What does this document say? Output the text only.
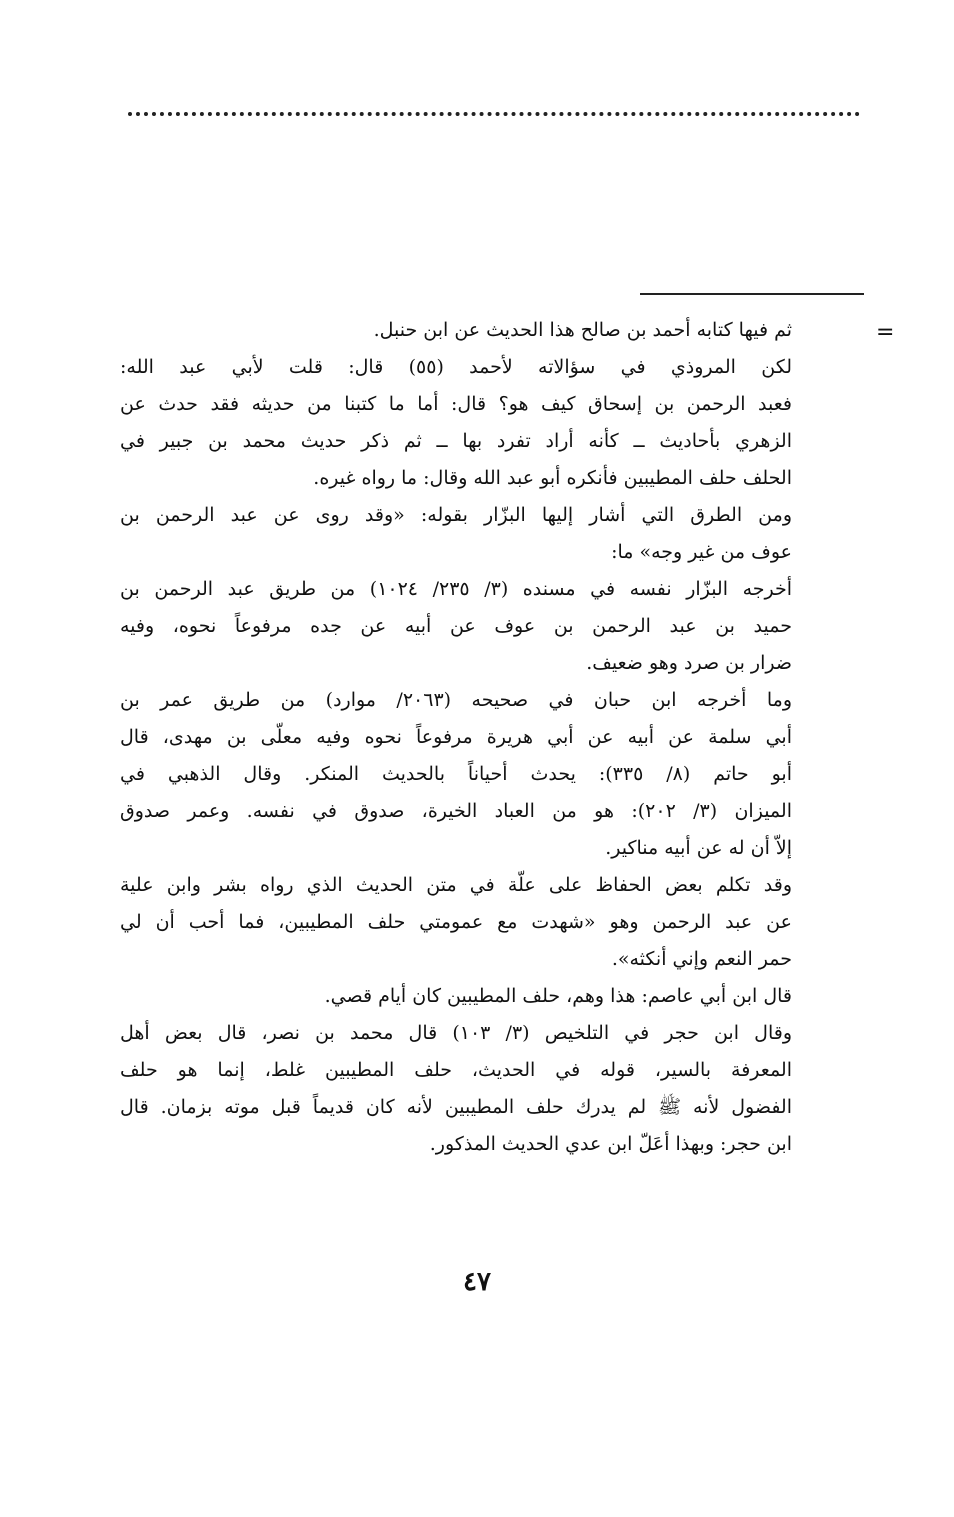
=
ثم فيها كتابه أحمد بن صالح هذا الحديث عن ابن حنبل.
لكن المروذي في سؤالاته لأحمد (٥٥) قال: قلت لأبي عبد الله:
فعبد الرحمن بن إسحاق كيف هو؟ قال: أما ما كتبنا من حديثه فقد حدث عن
الزهري بأحاديث ــ كأنه أراد تفرد بها ــ ثم ذكر حديث محمد بن جبير في
الحلف حلف المطيبين فأنكره أبو عبد الله وقال: ما رواه غيره.
ومن الطرق التي أشار إليها البزّار بقوله: «وقد روى عن عبد الرحمن بن
عوف من غير وجه» ما:
أخرجه البزّار نفسه في مسنده (٣/ ٢٣٥/ ١٠٢٤) من طريق عبد الرحمن بن
حميد بن عبد الرحمن بن عوف عن أبيه عن جده مرفوعاً نحوه، وفيه
ضرار بن صرد وهو ضعيف.
وما أخرجه ابن حبان في صحيحه (٢٠٦٣/ موارد) من طريق عمر بن
أبي سلمة عن أبيه عن أبي هريرة مرفوعاً نحوه وفيه معلّى بن مهدى، قال
أبو حاتم (٨/ ٣٣٥): يحدث أحياناً بالحديث المنكر. وقال الذهبي في
الميزان (٣/ ٢٠٢): هو من العباد الخيرة، صدوق في نفسه. وعمر صدوق
إلاّ أن له عن أبيه مناكير.
وقد تكلم بعض الحفاظ على علّة في متن الحديث الذي رواه بشر وابن علية
عن عبد الرحمن وهو «شهدت مع عمومتي حلف المطيبين، فما أحب أن لي
حمر النعم وإني أنكثه».
قال ابن أبي عاصم: هذا وهم، حلف المطيبين كان أيام قصي.
وقال ابن حجر في التلخيص (٣/ ١٠٣) قال محمد بن نصر، قال بعض أهل
المعرفة بالسير، قوله في الحديث، حلف المطيبين غلط، إنما هو حلف
الفضول لأنه ﷺ لم يدرك حلف المطيبين لأنه كان قديماً قبل موته بزمان. قال
ابن حجر: وبهذا أعَلّ ابن عدي الحديث المذكور.
٤٧
